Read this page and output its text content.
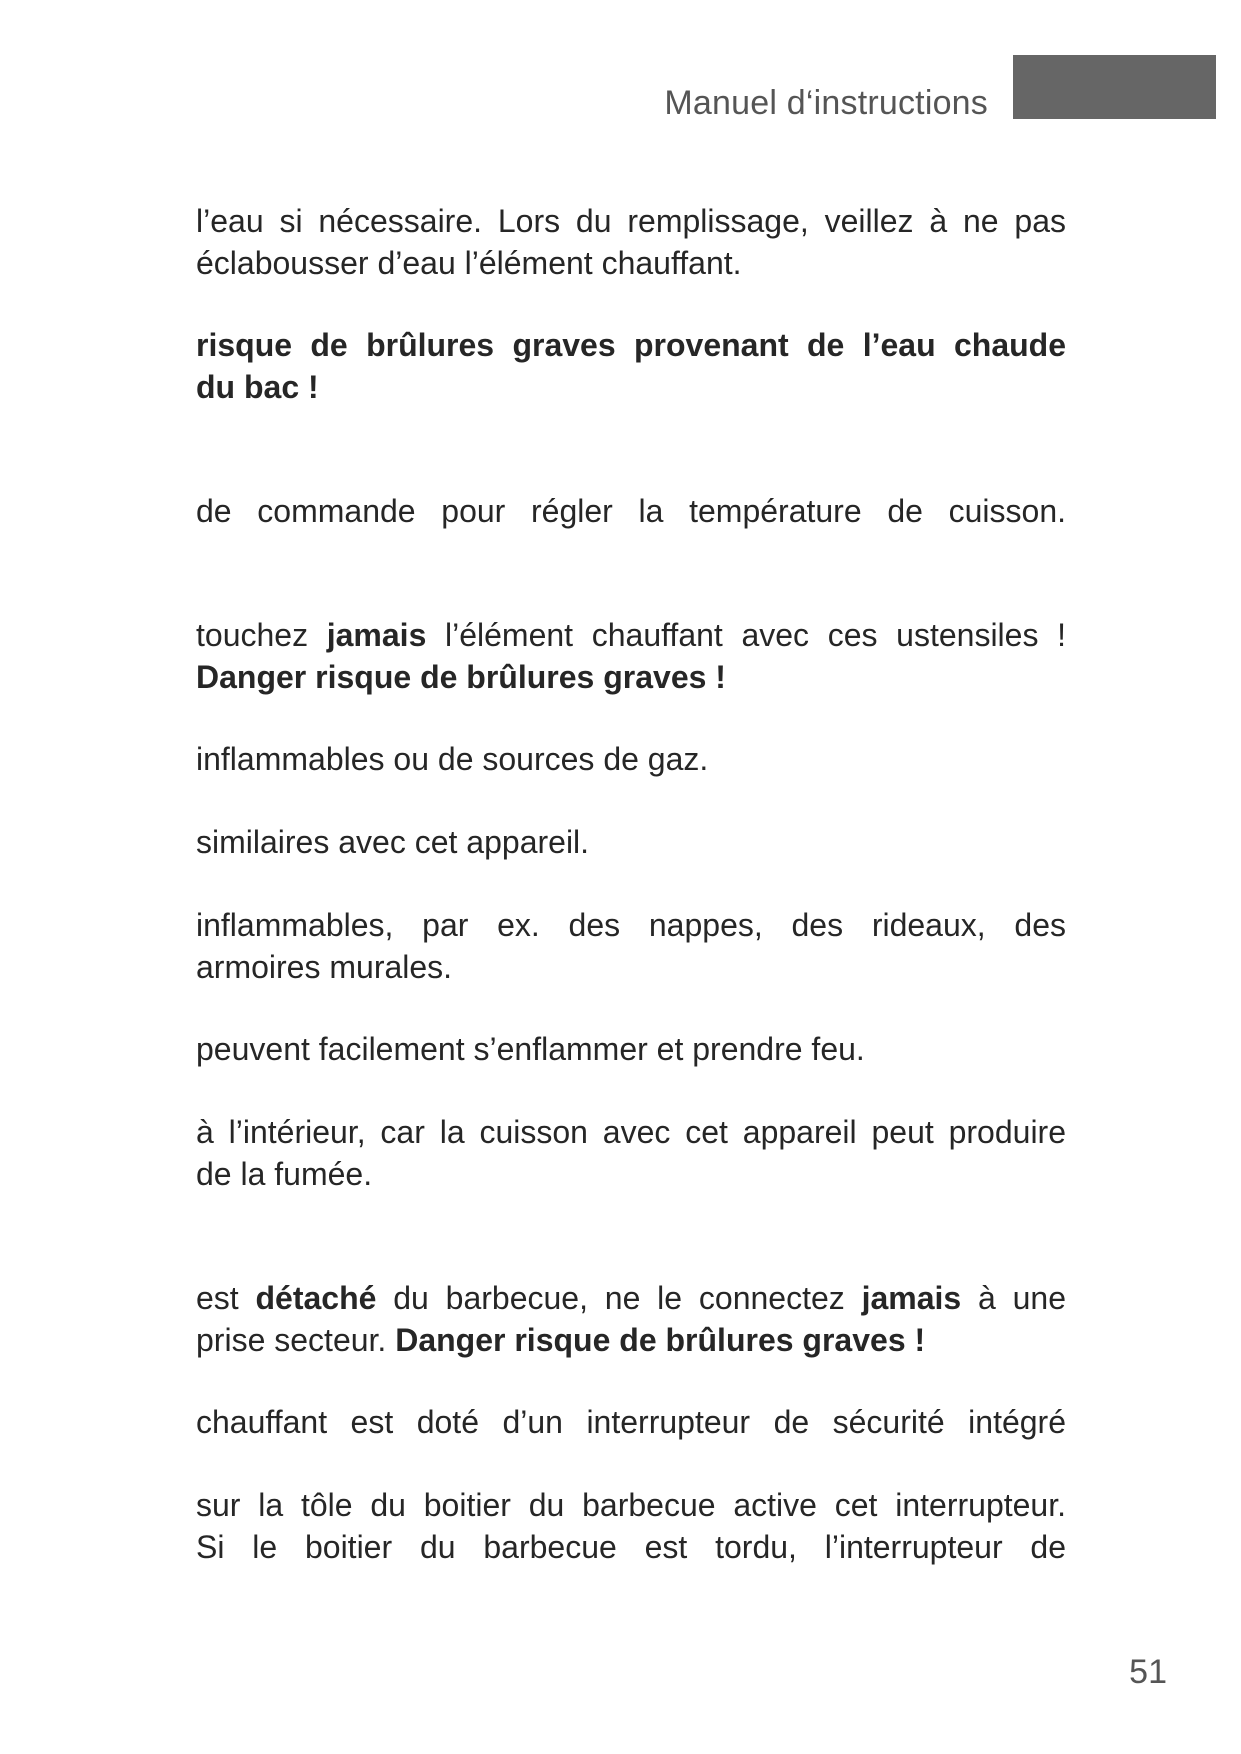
Manuel d‘instructions
l’eau si nécessaire. Lors du remplissage, veillez à ne pas
éclabousser d’eau l’élément chauffant.
risque de brûlures graves provenant de l’eau chaude
du bac !
de commande pour régler la température de cuisson.
touchez jamais l’élément chauffant avec ces ustensiles !
Danger risque de brûlures graves !
inflammables ou de sources de gaz.
similaires avec cet appareil.
inflammables, par ex. des nappes, des rideaux, des
armoires murales.
peuvent facilement s’enflammer et prendre feu.
à l’intérieur, car la cuisson avec cet appareil peut produire
de la fumée.
est détaché du barbecue, ne le connectez jamais à une
prise secteur. Danger risque de brûlures graves !
chauffant est doté d’un interrupteur de sécurité intégré
sur la tôle du boitier du barbecue active cet interrupteur.
Si le boitier du barbecue est tordu, l’interrupteur de
51
